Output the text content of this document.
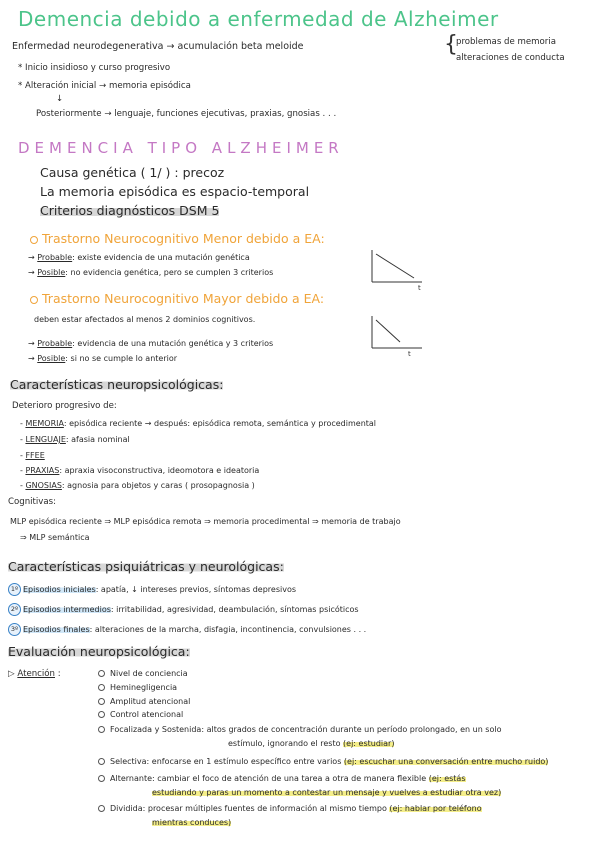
Demencia debido a enfermedad de Alzheimer
Enfermedad neurodegenerativa → acumulación beta meloide	{
problemas de memoria
alteraciones de conducta
* Inicio insidioso y curso progresivo
* Alteración inicial → memoria episódica
↓
Posteriormente → lenguaje, funciones ejecutivas, praxias, gnosias . . .
DEMENCIA TIPO ALZHEIMER
Causa genética ( 1/ ) : precoz
La memoria episódica es espacio-temporal
Criterios diagnósticos DSM 5
Trastorno Neurocognitivo Menor debido a EA:
→ Probable: existe evidencia de una mutación genética
→ Posible: no evidencia genética, pero se cumplen 3 criterios
t
Trastorno Neurocognitivo Mayor debido a EA:
deben estar afectados al menos 2 dominios cognitivos.
→ Probable: evidencia de una mutación genética y 3 criterios
→ Posible: si no se cumple lo anterior	t
Características neuropsicológicas:
Deterioro progresivo de:
- MEMORIA: episódica reciente → después: episódica remota, semántica y procedimental
- LENGUAJE: afasia nominal
- FFEE
- PRAXIAS: apraxia visoconstructiva, ideomotora e ideatoria
- GNOSIAS: agnosia para objetos y caras ( prosopagnosia )
Cognitivas:
MLP episódica reciente ⇒ MLP episódica remota ⇒ memoria procedimental ⇒ memoria de trabajo
⇒ MLP semántica
Características psiquiátricas y neurológicas:
1º Episodios iniciales: apatía, ↓ intereses previos, síntomas depresivos
2º Episodios intermedios: irritabilidad, agresividad, deambulación, síntomas psicóticos
3º Episodios finales: alteraciones de la marcha, disfagia, incontinencia, convulsiones . . .
Evaluación neuropsicológica:
▷ Atención :	Nivel de conciencia
Heminegligencia
Amplitud atencional
Control atencional
Focalizada y Sostenida: altos grados de concentración durante un período prolongado, en un solo
estímulo, ignorando el resto (ej: estudiar)
Selectiva: enfocarse en 1 estímulo específico entre varios (ej: escuchar una conversación entre mucho ruido)
Alternante: cambiar el foco de atención de una tarea a otra de manera flexible (ej: estás
estudiando y paras un momento a contestar un mensaje y vuelves a estudiar otra vez)
Dividida: procesar múltiples fuentes de información al mismo tiempo (ej: hablar por teléfono
mientras conduces)
